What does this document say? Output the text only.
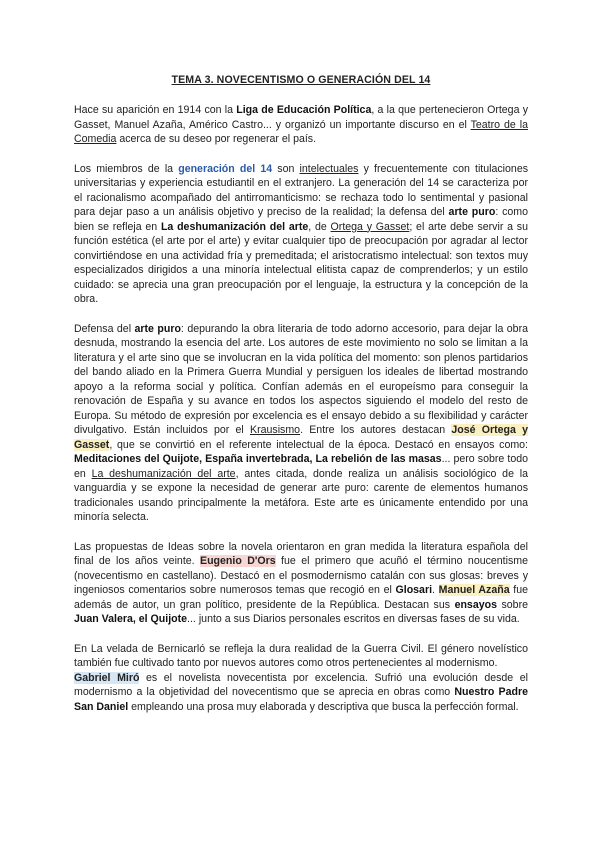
TEMA 3. NOVECENTISMO O GENERACIÓN DEL 14

Hace su aparición en 1914 con la Liga de Educación Política, a la que pertenecieron Ortega y Gasset, Manuel Azaña, Américo Castro... y organizó un importante discurso en el Teatro de la Comedia acerca de su deseo por regenerar el país.

Los miembros de la generación del 14 son intelectuales y frecuentemente con titulaciones universitarias y experiencia estudiantil en el extranjero. La generación del 14 se caracteriza por el racionalismo acompañado del antirromanticismo: se rechaza todo lo sentimental y pasional para dejar paso a un análisis objetivo y preciso de la realidad; la defensa del arte puro: como bien se refleja en La deshumanización del arte, de Ortega y Gasset; el arte debe servir a su función estética (el arte por el arte) y evitar cualquier tipo de preocupación por agradar al lector convirtiéndose en una actividad fría y premeditada; el aristocratismo intelectual: son textos muy especializados dirigidos a una minoría intelectual elitista capaz de comprenderlos; y un estilo cuidado: se aprecia una gran preocupación por el lenguaje, la estructura y la concepción de la obra.

Defensa del arte puro: depurando la obra literaria de todo adorno accesorio, para dejar la obra desnuda, mostrando la esencia del arte. Los autores de este movimiento no solo se limitan a la literatura y el arte sino que se involucran en la vida política del momento: son plenos partidarios del bando aliado en la Primera Guerra Mundial y persiguen los ideales de libertad mostrando apoyo a la reforma social y política. Confían además en el europeísmo para conseguir la renovación de España y su avance en todos los aspectos siguiendo el modelo del resto de Europa. Su método de expresión por excelencia es el ensayo debido a su flexibilidad y carácter divulgativo. Están incluidos por el Krausismo. Entre los autores destacan José Ortega y Gasset, que se convirtió en el referente intelectual de la época. Destacó en ensayos como: Meditaciones del Quijote, España invertebrada, La rebelión de las masas... pero sobre todo en La deshumanización del arte, antes citada, donde realiza un análisis sociológico de la vanguardia y se expone la necesidad de generar arte puro: carente de elementos humanos tradicionales usando principalmente la metáfora. Este arte es únicamente entendido por una minoría selecta.

Las propuestas de Ideas sobre la novela orientaron en gran medida la literatura española del final de los años veinte. Eugenio D'Ors fue el primero que acuñó el término noucentisme (novecentismo en castellano). Destacó en el posmodernismo catalán con sus glosas: breves y ingeniosos comentarios sobre numerosos temas que recogió en el Glosari. Manuel Azaña fue además de autor, un gran político, presidente de la República. Destacan sus ensayos sobre Juan Valera, el Quijote... junto a sus Diarios personales escritos en diversas fases de su vida.

En La velada de Bernicarló se refleja la dura realidad de la Guerra Civil. El género novelístico también fue cultivado tanto por nuevos autores como otros pertenecientes al modernismo.

Gabriel Miró es el novelista novecentista por excelencia. Sufrió una evolución desde el modernismo a la objetividad del novecentismo que se aprecia en obras como Nuestro Padre San Daniel empleando una prosa muy elaborada y descriptiva que busca la perfección formal.
